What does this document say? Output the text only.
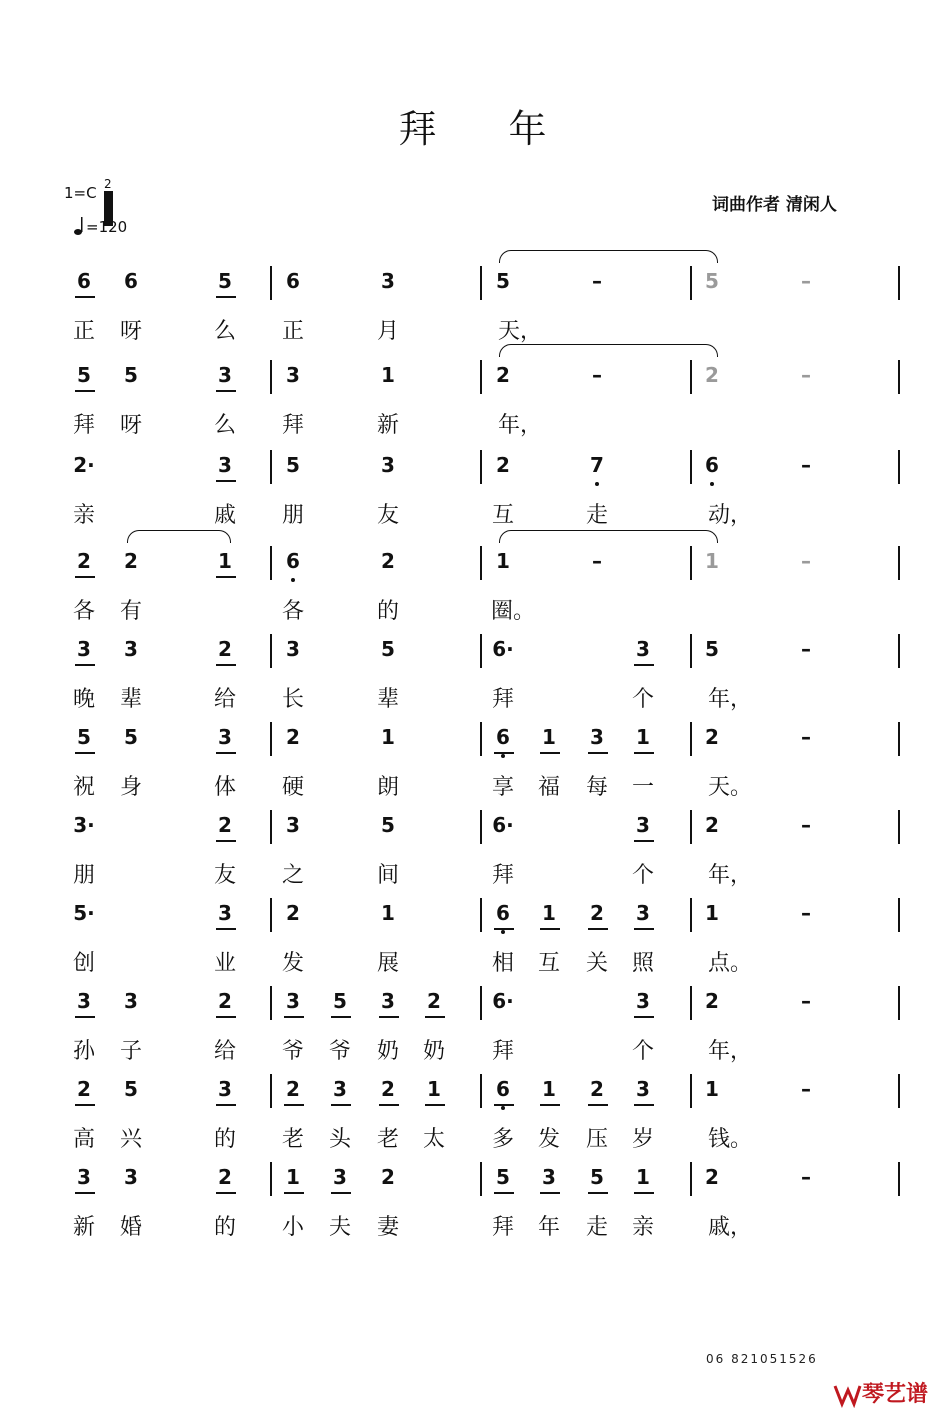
拜 年
1=C 2
=120
词曲作者 清闲人
6	6	5	6	3	5	–	5	–
正	呀	么	正	月	天，
5	5	3	3	1	2	–	2	–
拜	呀	么	拜	新	年，
2·	3	5	3	2	7	6	–
亲	戚	朋	友	互	走	动，
2	2	1	6	2	1	–	1	–
各	有	各	的	圈。
3	3	2	3	5	6·	3	5	–
晚	辈	给	长	辈	拜	个	年，
5	5	3	2	1	6	1	3	1	2	–
祝	身	体	硬	朗	享	福	每	一	天。
3·	2	3	5	6·	3	2	–
朋	友	之	间	拜	个	年，
5·	3	2	1	6	1	2	3	1	–
创	业	发	展	相	互	关	照	点。
3	3	2	3	5	3	2	6·	3	2	–
孙	子	给	爷	爷	奶	奶	拜	个	年，
2	5	3	2	3	2	1	6	1	2	3	1	–
高	兴	的	老	头	老	太	多	发	压	岁	钱。
3	3	2	1	3	2	5	3	5	1	2	–
新	婚	的	小	夫	妻	拜	年	走	亲	戚，
06 821051526
琴艺谱
